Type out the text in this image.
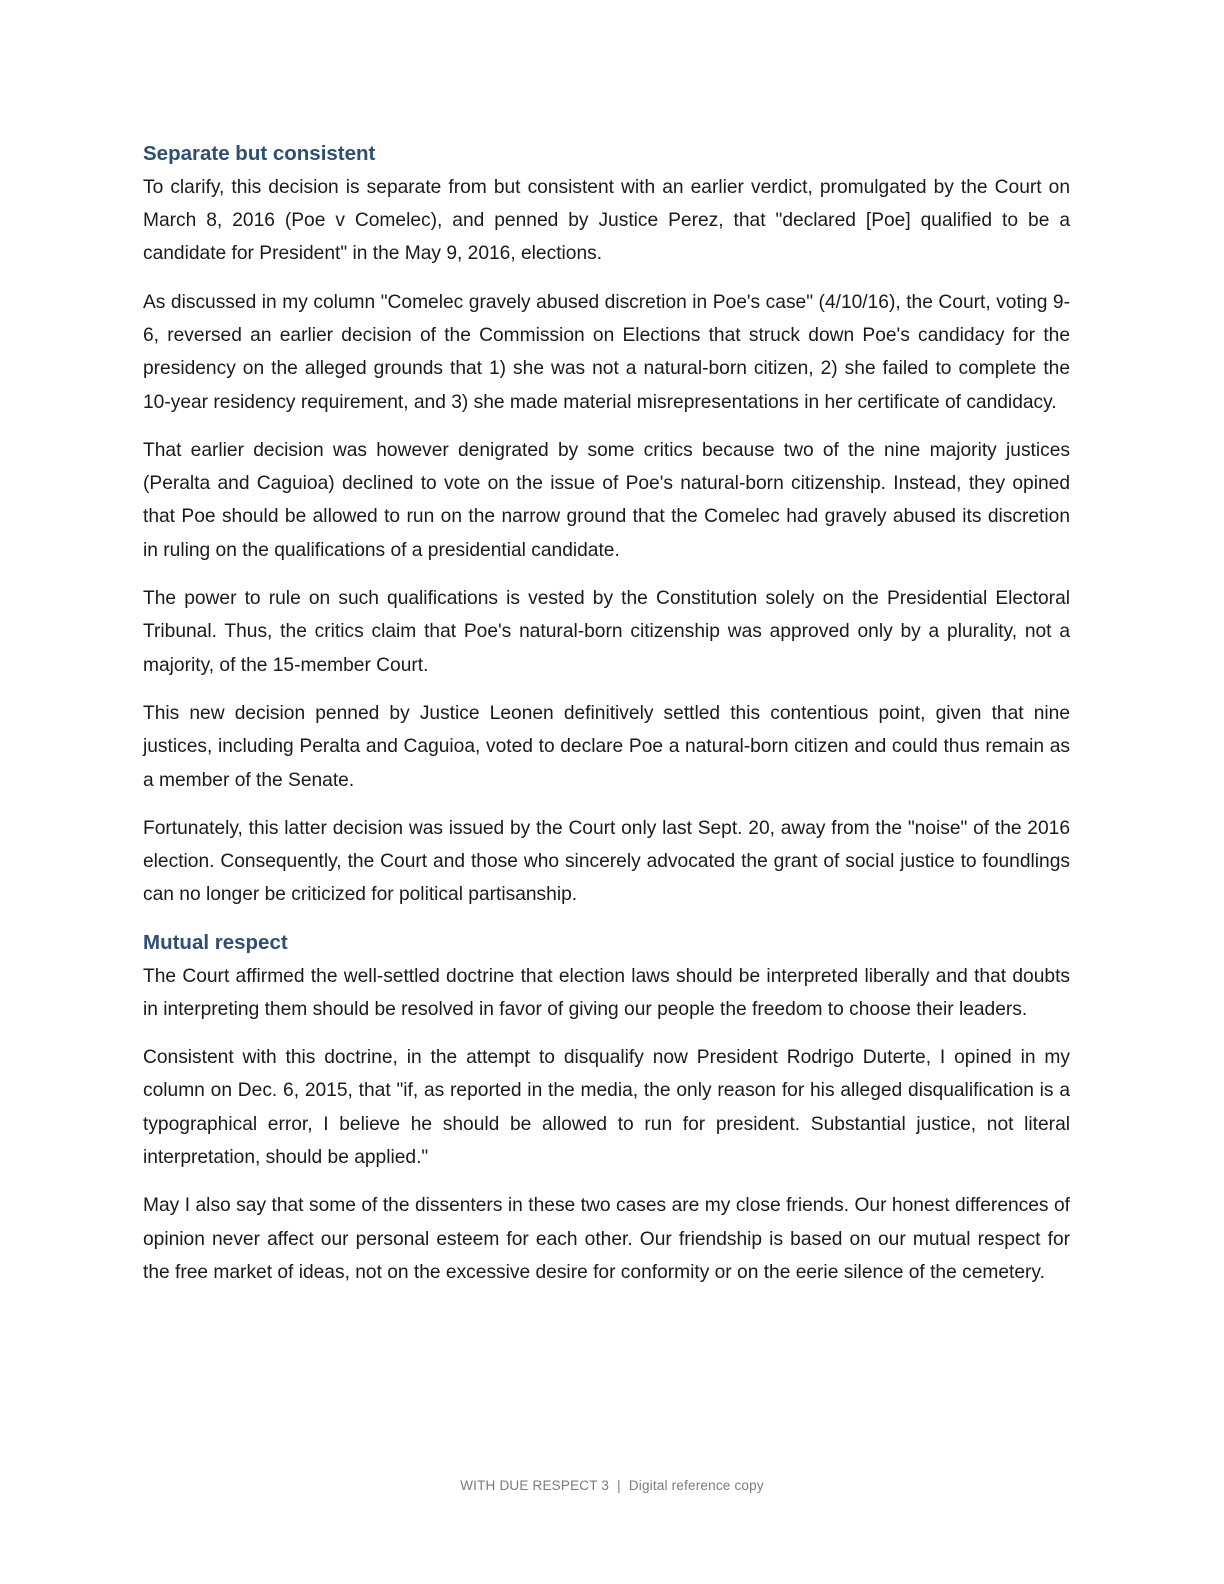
Separate but consistent

To clarify, this decision is separate from but consistent with an earlier verdict, promulgated by the Court on March 8, 2016 (Poe v Comelec), and penned by Justice Perez, that "declared [Poe] qualified to be a candidate for President" in the May 9, 2016, elections.

As discussed in my column "Comelec gravely abused discretion in Poe's case" (4/10/16), the Court, voting 9-6, reversed an earlier decision of the Commission on Elections that struck down Poe's candidacy for the presidency on the alleged grounds that 1) she was not a natural-born citizen, 2) she failed to complete the 10-year residency requirement, and 3) she made material misrepresentations in her certificate of candidacy.

That earlier decision was however denigrated by some critics because two of the nine majority justices (Peralta and Caguioa) declined to vote on the issue of Poe's natural-born citizenship. Instead, they opined that Poe should be allowed to run on the narrow ground that the Comelec had gravely abused its discretion in ruling on the qualifications of a presidential candidate.

The power to rule on such qualifications is vested by the Constitution solely on the Presidential Electoral Tribunal. Thus, the critics claim that Poe's natural-born citizenship was approved only by a plurality, not a majority, of the 15-member Court.

This new decision penned by Justice Leonen definitively settled this contentious point, given that nine justices, including Peralta and Caguioa, voted to declare Poe a natural-born citizen and could thus remain as a member of the Senate.

Fortunately, this latter decision was issued by the Court only last Sept. 20, away from the "noise" of the 2016 election. Consequently, the Court and those who sincerely advocated the grant of social justice to foundlings can no longer be criticized for political partisanship.

Mutual respect

The Court affirmed the well-settled doctrine that election laws should be interpreted liberally and that doubts in interpreting them should be resolved in favor of giving our people the freedom to choose their leaders.

Consistent with this doctrine, in the attempt to disqualify now President Rodrigo Duterte, I opined in my column on Dec. 6, 2015, that "if, as reported in the media, the only reason for his alleged disqualification is a typographical error, I believe he should be allowed to run for president. Substantial justice, not literal interpretation, should be applied."

May I also say that some of the dissenters in these two cases are my close friends. Our honest differences of opinion never affect our personal esteem for each other. Our friendship is based on our mutual respect for the free market of ideas, not on the excessive desire for conformity or on the eerie silence of the cemetery.

WITH DUE RESPECT 3 | Digital reference copy
